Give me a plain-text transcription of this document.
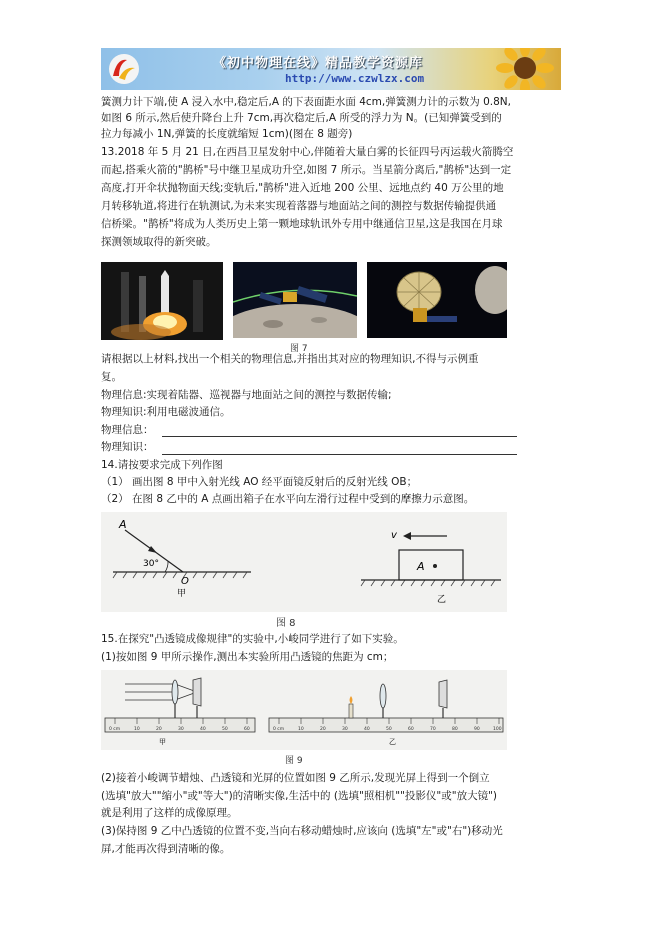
《初中物理在线》精品教学资源库
http://www.czwlzx.com
簧测力计下端,使 A 浸入水中,稳定后,A 的下表面距水面 4cm,弹簧测力计的示数为 0.8N,
如图 6 所示,然后使升降台上升 7cm,再次稳定后,A 所受的浮力为 N。(已知弹簧受到的
拉力每减小 1N,弹簧的长度就缩短 1cm)(图在 8 题旁)
13.2018 年 5 月 21 日,在西昌卫星发射中心,伴随着大量白雾的长征四号丙运载火箭腾空
而起,搭乘火箭的"鹊桥"号中继卫星成功升空,如图 7 所示。当星箭分离后,"鹊桥"达到一定
高度,打开伞状抛物面天线;变轨后,"鹊桥"进入近地 200 公里、远地点约 40 万公里的地
月转移轨道,将进行在轨测试,为未来实现着落器与地面站之间的测控与数据传输提供通
信桥梁。"鹊桥"将成为人类历史上第一颗地球轨讯外专用中继通信卫星,这是我国在月球
探测领域取得的新突破。
图 7
请根据以上材料,找出一个相关的物理信息,并指出其对应的物理知识,不得与示例重
复。
物理信息:实现着陆器、巡视器与地面站之间的测控与数据传输;
物理知识:利用电磁波通信。
物理信息：
物理知识：
14.请按要求完成下列作图
（1） 画出图 8 甲中入射光线 AO 经平面镜反射后的反射光线 OB；
（2） 在图 8 乙中的 A 点画出箱子在水平向左滑行过程中受到的摩擦力示意图。
A
30°
O
甲
v
A
乙
图 8
15.在探究"凸透镜成像规律"的实验中,小峻同学进行了如下实验。
(1)按如图 9 甲所示操作,测出本实验所用凸透镜的焦距为 cm；
0 cm	10	20	30	40	50	60
甲
0 cm	10	20	30	40	50	60	70	80	90	100
乙
图 9
(2)接着小峻调节蜡烛、凸透镜和光屏的位置如图 9 乙所示,发现光屏上得到一个倒立
(选填"放大""缩小"或"等大")的清晰实像,生活中的 (选填"照相机""投影仪"或"放大镜")
就是利用了这样的成像原理。
(3)保持图 9 乙中凸透镜的位置不变,当向右移动蜡烛时,应该向 (选填"左"或"右")移动光
屏,才能再次得到清晰的像。
